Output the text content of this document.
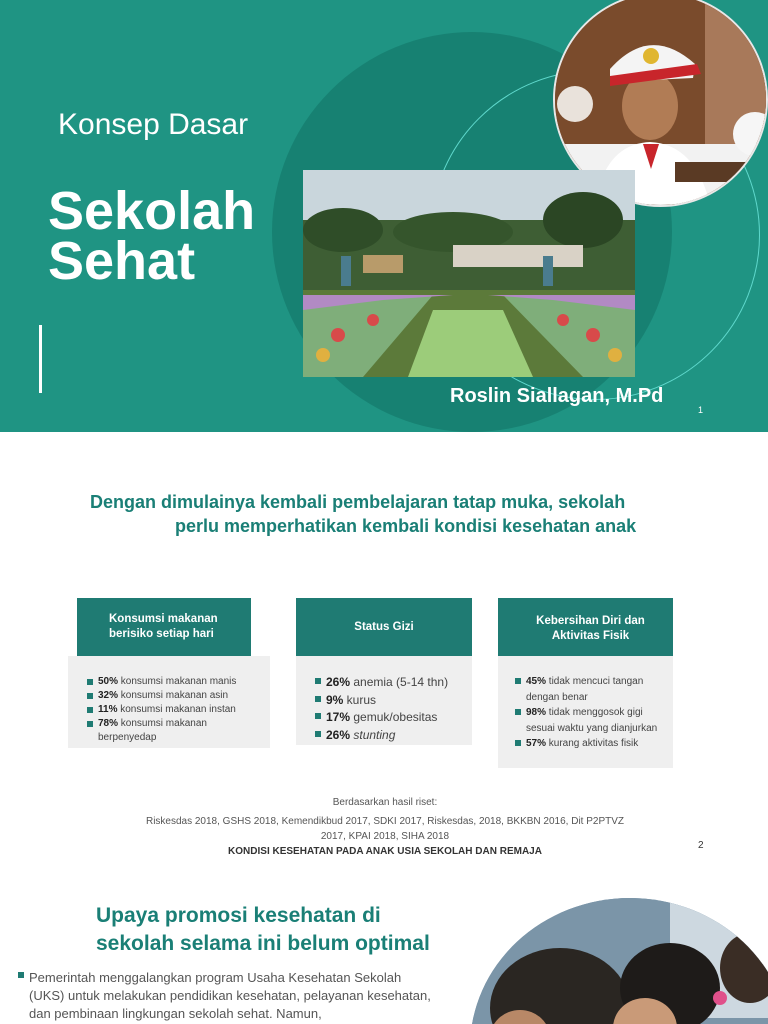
Konsep Dasar
Sekolah
Sehat
Roslin Siallagan, M.Pd
1
Dengan dimulainya kembali pembelajaran tatap muka, sekolah
perlu memperhatikan kembali kondisi kesehatan anak
Konsumsi makanan berisiko setiap hari
50% konsumsi makanan manis
32% konsumsi makanan asin
11% konsumsi makanan instan
78% konsumsi makanan berpenyedap
Status Gizi
26% anemia (5-14 thn)
9% kurus
17% gemuk/obesitas
26% stunting
Kebersihan Diri dan Aktivitas Fisik
45% tidak mencuci tangan dengan benar
98% tidak menggosok gigi sesuai waktu yang dianjurkan
57% kurang aktivitas fisik
Berdasarkan hasil riset:
Riskesdas 2018, GSHS 2018, Kemendikbud 2017, SDKI 2017, Riskesdas, 2018, BKKBN 2016, Dit P2PTVZ
2017, KPAI 2018, SIHA 2018
KONDISI KESEHATAN PADA ANAK USIA SEKOLAH DAN REMAJA
2
Upaya promosi kesehatan di
sekolah selama ini belum optimal
Pemerintah menggalangkan program Usaha Kesehatan Sekolah (UKS) untuk melakukan pendidikan kesehatan, pelayanan kesehatan, dan pembinaan lingkungan sekolah sehat. Namun,
